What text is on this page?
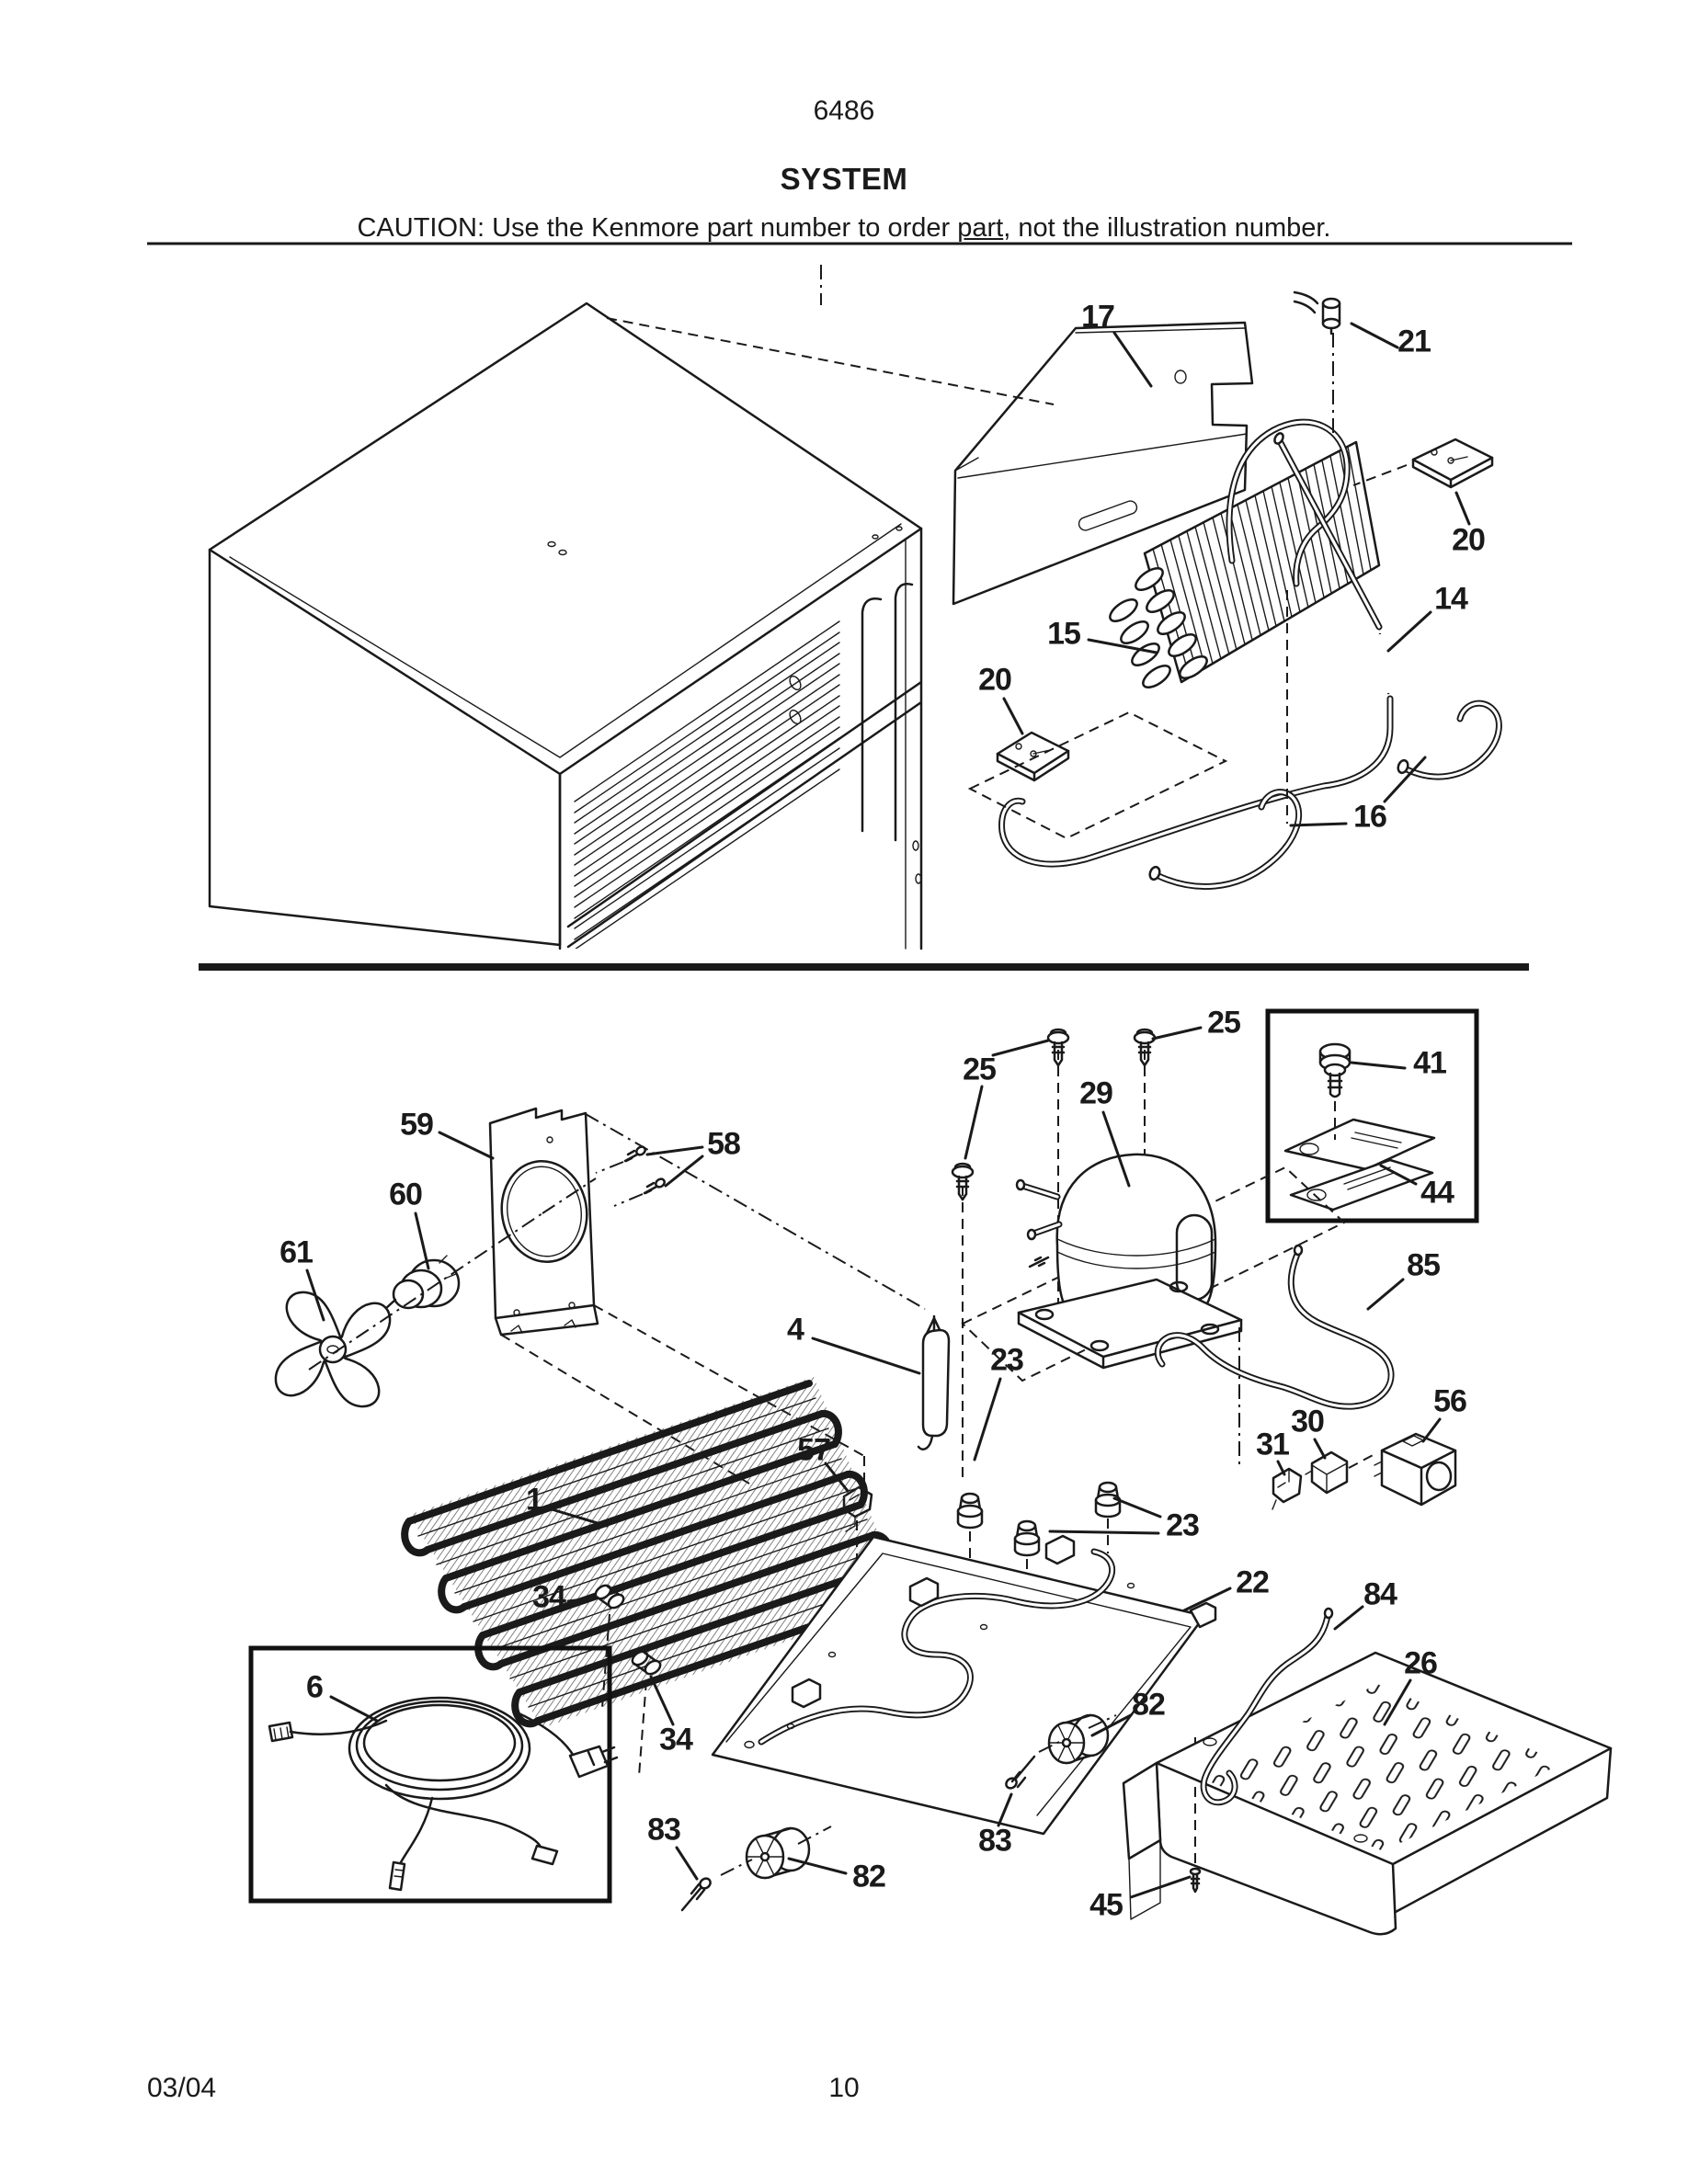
6486
SYSTEM
CAUTION: Use the Kenmore part number to order part, not the illustration number.
17
21
20
15
14
20
16
25
25
29
41
44
85
59
58
60
61
4
23
57
30
31
56
1
23
22	84
26
34
82
34
6
83	83
82
45
03/04	10
